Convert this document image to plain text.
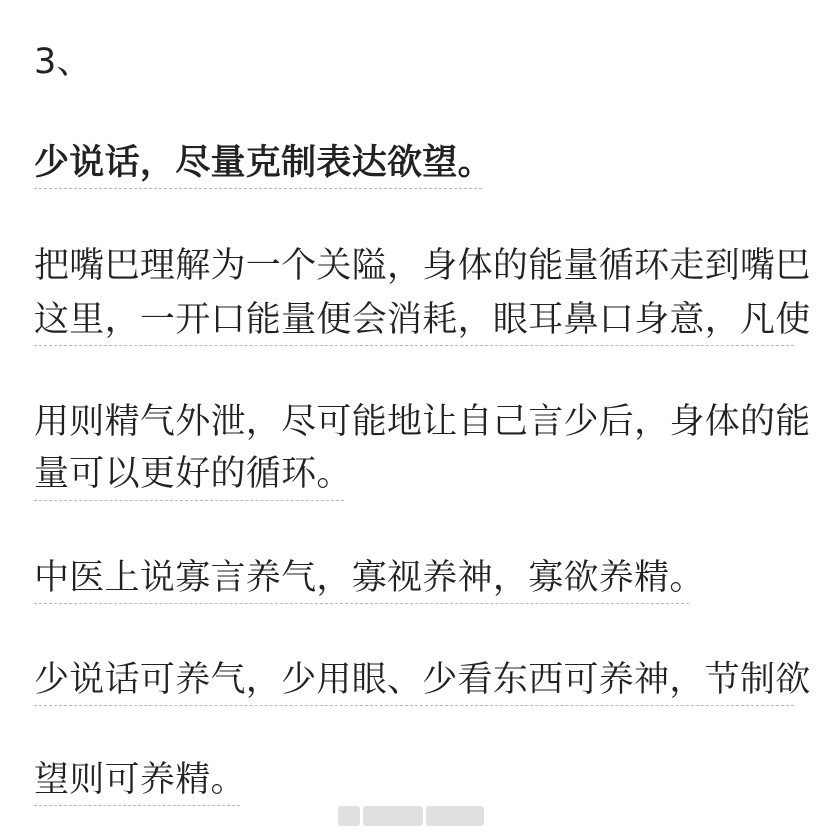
3、
少说话，尽量克制表达欲望。
把嘴巴理解为一个关隘，身体的能量循环走到嘴巴
这里，一开口能量便会消耗，眼耳鼻口身意，凡使
用则精气外泄，尽可能地让自己言少后，身体的能
量可以更好的循环。
中医上说寡言养气，寡视养神，寡欲养精。
少说话可养气，少用眼、少看东西可养神，节制欲
望则可养精。
